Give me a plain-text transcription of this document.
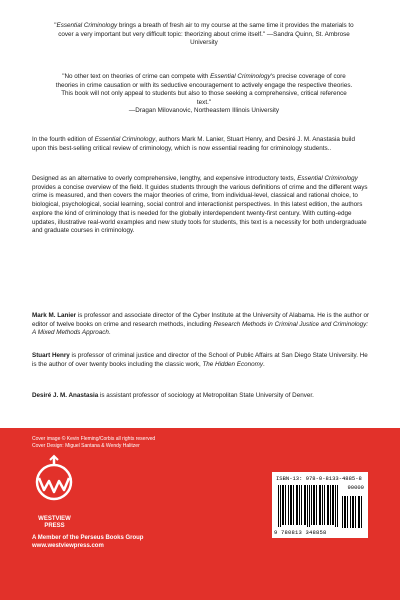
"Essential Criminology brings a breath of fresh air to my course at the same time it provides the materials to cover a very important but very difficult topic: theorizing about crime itself." —Sandra Quinn, St. Ambrose University
"No other text on theories of crime can compete with Essential Criminology's precise coverage of core theories in crime causation or with its seductive encouragement to actively engage the respective theories. This book will not only appeal to students but also to those seeking a comprehensive, critical reference text."
—Dragan Milovanovic, Northeastern Illinois University
In the fourth edition of Essential Criminology, authors Mark M. Lanier, Stuart Henry, and Desiré J. M. Anastasia build upon this best-selling critical review of criminology, which is now essential reading for criminology students..
Designed as an alternative to overly comprehensive, lengthy, and expensive introductory texts, Essential Criminology provides a concise overview of the field. It guides students through the various definitions of crime and the different ways crime is measured, and then covers the major theories of crime, from individual-level, classical and rational choice, to biological, psychological, social learning, social control and interactionist perspectives. In this latest edition, the authors explore the kind of criminology that is needed for the globally interdependent twenty-first century. With cutting-edge updates, illustrative real-world examples and new study tools for students, this text is a necessity for both undergraduate and graduate courses in criminology.
Mark M. Lanier is professor and associate director of the Cyber Institute at the University of Alabama. He is the author or editor of twelve books on crime and research methods, including Research Methods in Criminal Justice and Criminology: A Mixed Methods Approach.
Stuart Henry is professor of criminal justice and director of the School of Public Affairs at San Diego State University. He is the author of over twenty books including the classic work, The Hidden Economy.
Desiré J. M. Anastasia is assistant professor of sociology at Metropolitan State University of Denver.
Cover image © Kevin Fleming/Corbis all rights reserved
Cover Design: Miguel Santana & Wendy Halitzer
WESTVIEW
PRESS
A Member of the Perseus Books Group
www.westviewpress.com
ISBN-13: 978-0-8133-4885-8
90000
9 780813 348858
